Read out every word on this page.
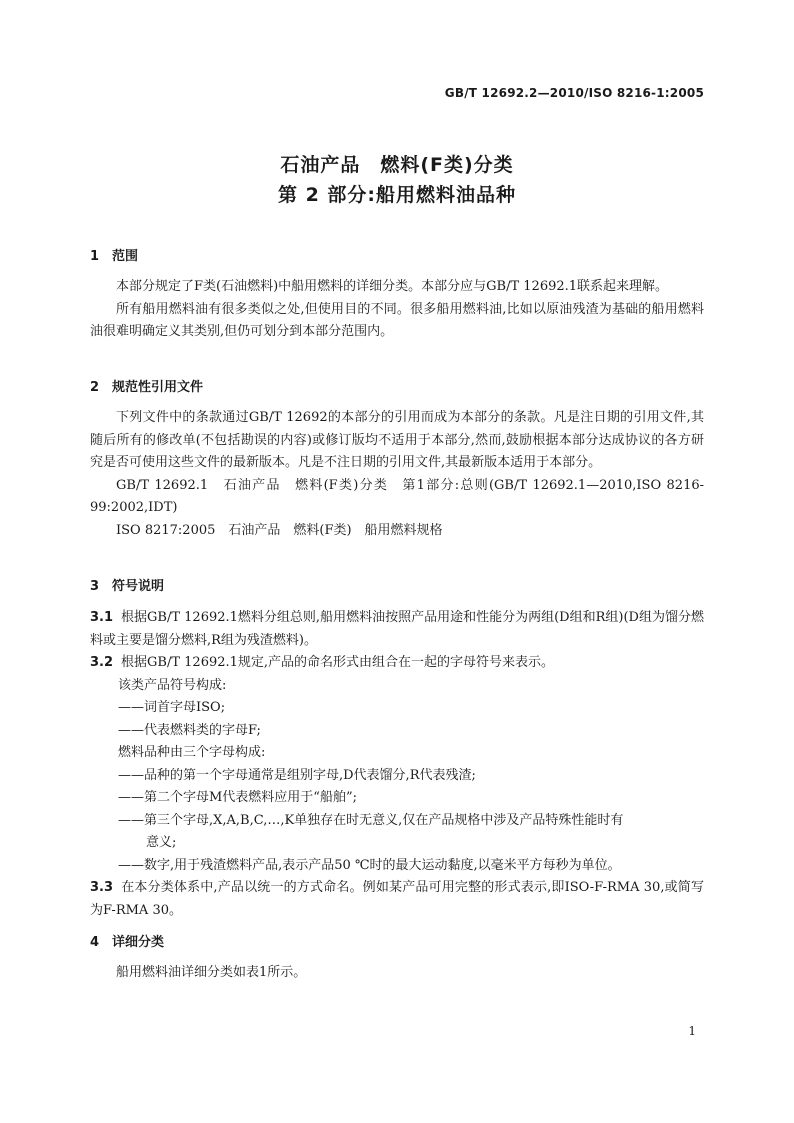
GB/T 12692.2—2010/ISO 8216-1:2005
石油产品　燃料(F类)分类
第 2 部分:船用燃料油品种
1 范围

本部分规定了F类(石油燃料)中船用燃料的详细分类。本部分应与GB/T 12692.1联系起来理解。

所有船用燃料油有很多类似之处,但使用目的不同。很多船用燃料油,比如以原油残渣为基础的船用燃料油很难明确定义其类别,但仍可划分到本部分范围内。

2 规范性引用文件

下列文件中的条款通过GB/T 12692的本部分的引用而成为本部分的条款。凡是注日期的引用文件,其随后所有的修改单(不包括勘误的内容)或修订版均不适用于本部分,然而,鼓励根据本部分达成协议的各方研究是否可使用这些文件的最新版本。凡是不注日期的引用文件,其最新版本适用于本部分。

GB/T 12692.1　石油产品　燃料(F类)分类　第1部分:总则(GB/T 12692.1—2010,ISO 8216-99:2002,IDT)

ISO 8217:2005　石油产品　燃料(F类)　船用燃料规格

3 符号说明

3.1 根据GB/T 12692.1燃料分组总则,船用燃料油按照产品用途和性能分为两组(D组和R组)(D组为馏分燃料或主要是馏分燃料,R组为残渣燃料)。

3.2 根据GB/T 12692.1规定,产品的命名形式由组合在一起的字母符号来表示。

该类产品符号构成:

——词首字母ISO;

——代表燃料类的字母F;

燃料品种由三个字母构成:

——品种的第一个字母通常是组别字母,D代表馏分,R代表残渣;

——第二个字母M代表燃料应用于“船舶”;

——第三个字母,X,A,B,C,…,K单独存在时无意义,仅在产品规格中涉及产品特殊性能时有

意义;

——数字,用于残渣燃料产品,表示产品50 ℃时的最大运动黏度,以毫米平方每秒为单位。

3.3 在本分类体系中,产品以统一的方式命名。例如某产品可用完整的形式表示,即ISO-F-RMA 30,或简写为F-RMA 30。

4 详细分类

船用燃料油详细分类如表1所示。

1
